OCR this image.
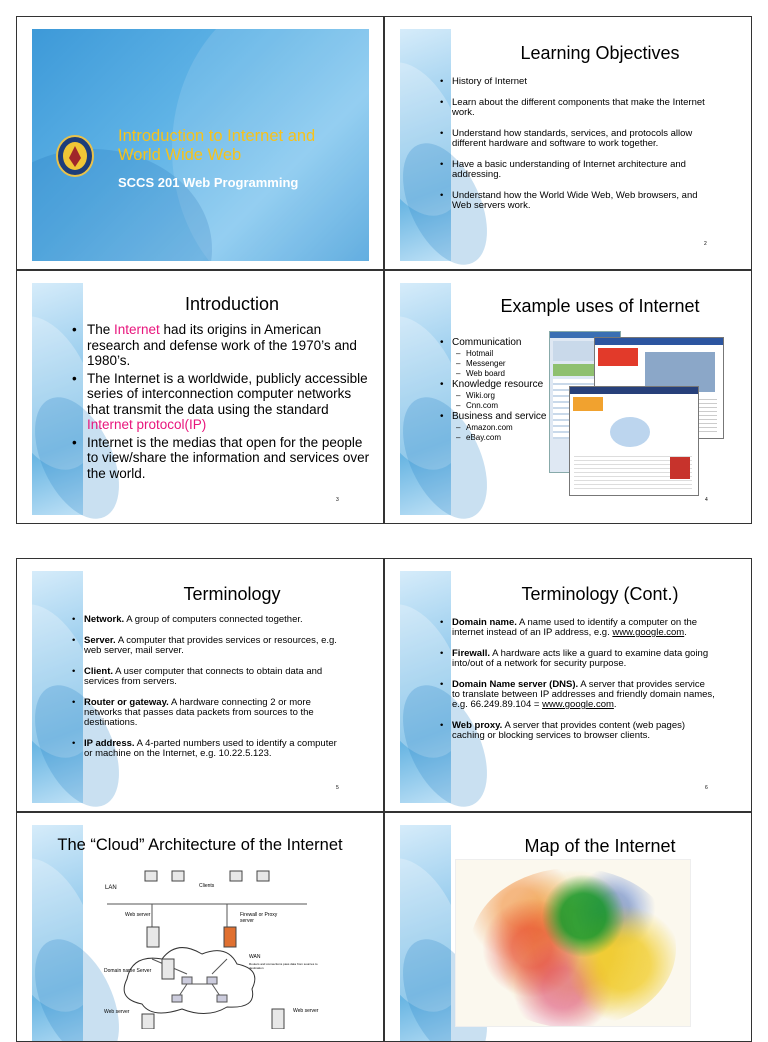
Introduction to Internet and World Wide Web
SCCS 201 Web Programming
Learning Objectives
• History of Internet
• Learn about the different components that make the Internet work.
• Understand how standards, services, and protocols allow different hardware and software to work together.
• Have a basic understanding of Internet architecture and addressing.
• Understand how the World Wide Web, Web browsers, and Web servers work.
2
Introduction
• The Internet had its origins in American research and defense work of the 1970’s and 1980’s.
• The Internet is a worldwide, publicly accessible series of interconnection computer networks that transmit the data using the standard Internet protocol(IP)
• Internet is the medias that open for the people to view/share the information and services over the world.
3
Example uses of Internet
• Communication
– Hotmail
– Messenger
– Web board
• Knowledge resource
– Wiki.org
– Cnn.com
• Business and service
– Amazon.com
– eBay.com
4
Terminology
• Network. A group of computers connected together.
• Server. A computer that provides services or resources, e.g. web server, mail server.
• Client. A user computer that connects to obtain data and services from servers.
• Router or gateway. A hardware connecting 2 or more networks that passes data packets from sources to the destinations.
• IP address. A 4-parted numbers used to identify a computer or machine on the Internet, e.g. 10.22.5.123.
5
Terminology (Cont.)
• Domain name. A name used to identify a computer on the internet instead of an IP address, e.g. www.google.com.
• Firewall. A hardware acts like a guard to examine data going into/out of a network for security purpose.
• Domain Name server (DNS). A server that provides service to translate between IP addresses and friendly domain names, e.g. 66.249.89.104 = www.google.com.
• Web proxy. A server that provides content (web pages) caching or blocking services to browser clients.
6
The “Cloud” Architecture of the Internet
LAN	Clients
Web server	Firewall or Proxy server
WAN
Routers and connections pass data from sources to destination
Domain name Server
Web server	Web server
Map of the Internet
